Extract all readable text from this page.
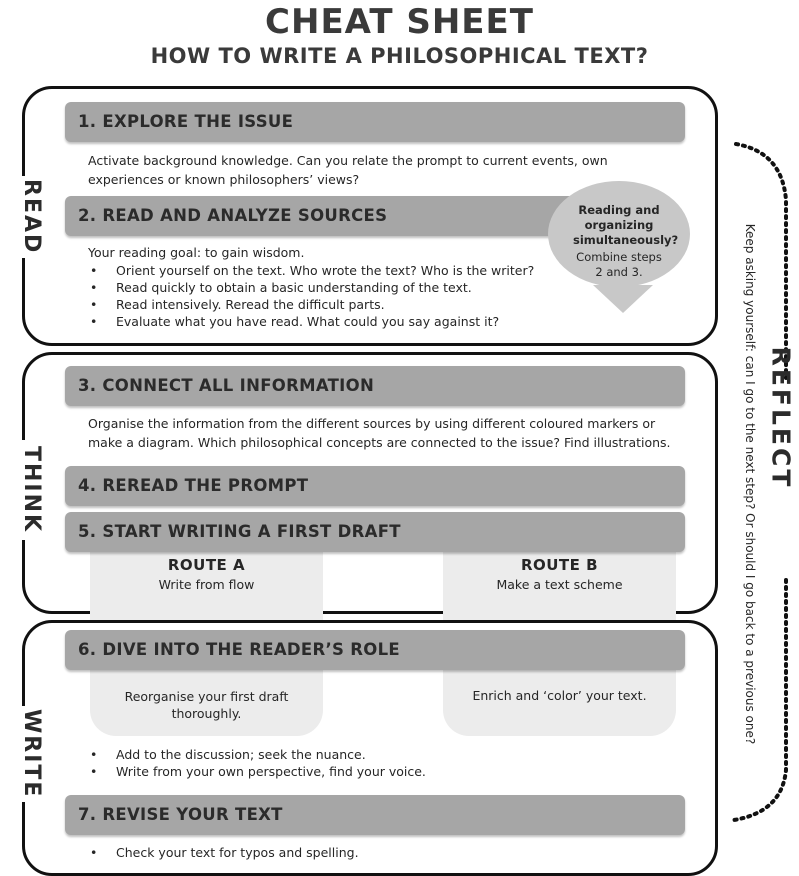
CHEAT SHEET
HOW TO WRITE A PHILOSOPHICAL TEXT?
READ
1. EXPLORE THE ISSUE
Activate background knowledge. Can you relate the prompt to current events, own experiences or known philosophers’ views?
2. READ AND ANALYZE SOURCES
Your reading goal: to gain wisdom.
• Orient yourself on the text. Who wrote the text? Who is the writer?
• Read quickly to obtain a basic understanding of the text.
• Read intensively. Reread the difficult parts.
• Evaluate what you have read. What could you say against it?
Reading and organizing simultaneously?
Combine steps 2 and 3.
THINK
3. CONNECT ALL INFORMATION
Organise the information from the different sources by using different coloured markers or make a diagram. Which philosophical concepts are connected to the issue? Find illustrations.
ROUTE A
Write from flow
ROUTE B
Make a text scheme
4. REREAD THE PROMPT
5. START WRITING A FIRST DRAFT
WRITE
Reorganise your first draft thoroughly.
Enrich and ‘color’ your text.
6. DIVE INTO THE READER’S ROLE
• Add to the discussion; seek the nuance.
• Write from your own perspective, find your voice.
7. REVISE YOUR TEXT
• Check your text for typos and spelling.
REFLECT
Keep asking yourself: can I go to the next step? Or should I go back to a previous one?
